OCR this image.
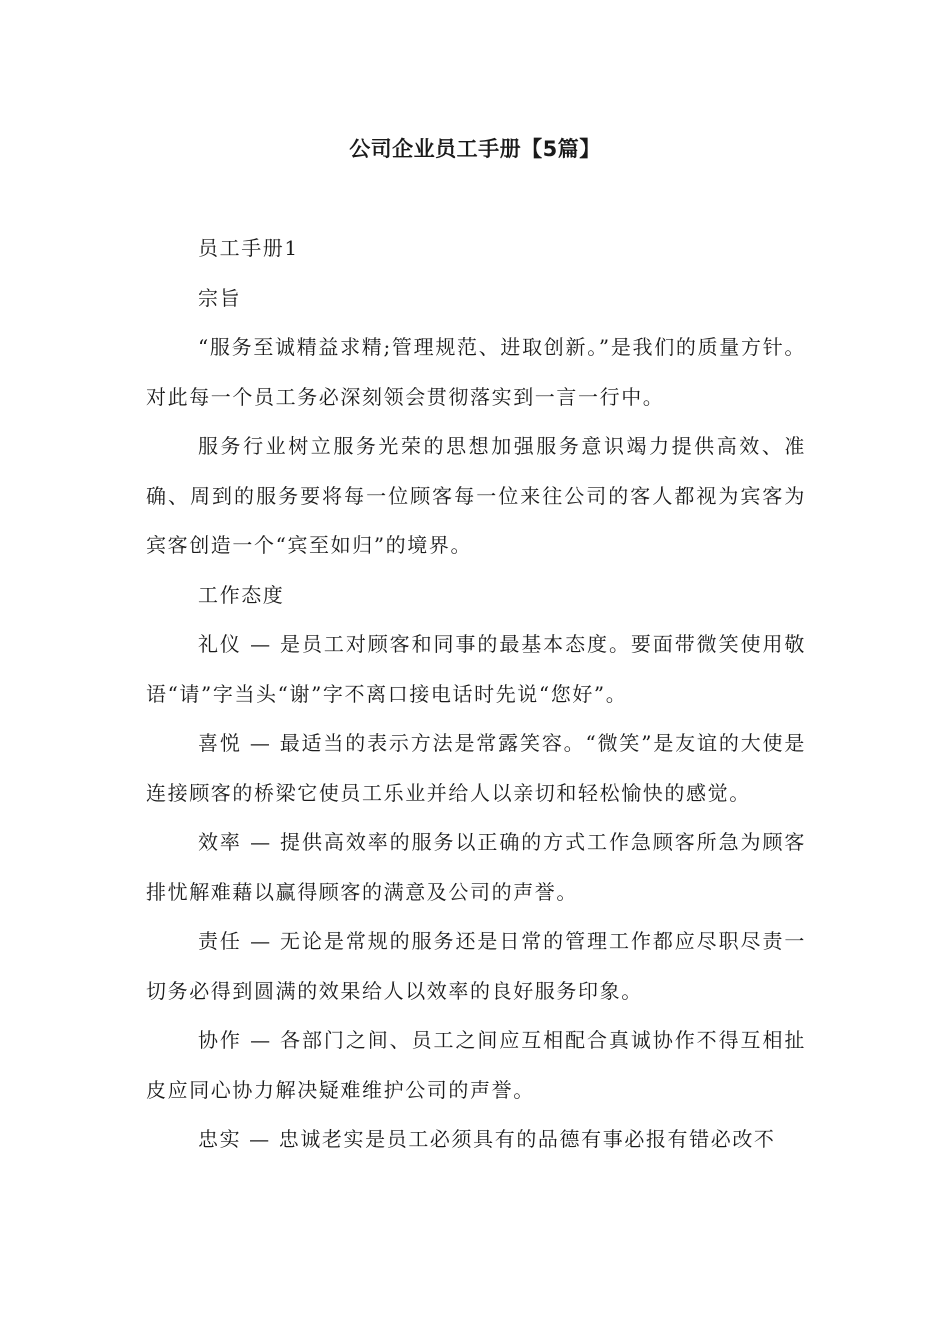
公司企业员工手册【5篇】

员工手册1

宗旨

“服务至诚精益求精;管理规范、进取创新。”是我们的质量方针。对此每一个员工务必深刻领会贯彻落实到一言一行中。

服务行业树立服务光荣的思想加强服务意识竭力提供高效、准确、周到的服务要将每一位顾客每一位来往公司的客人都视为宾客为宾客创造一个“宾至如归”的境界。

工作态度

礼仪 — 是员工对顾客和同事的最基本态度。要面带微笑使用敬语“请”字当头“谢”字不离口接电话时先说“您好”。

喜悦 — 最适当的表示方法是常露笑容。“微笑”是友谊的大使是连接顾客的桥梁它使员工乐业并给人以亲切和轻松愉快的感觉。

效率 — 提供高效率的服务以正确的方式工作急顾客所急为顾客排忧解难藉以赢得顾客的满意及公司的声誉。

责任 — 无论是常规的服务还是日常的管理工作都应尽职尽责一切务必得到圆满的效果给人以效率的良好服务印象。

协作 — 各部门之间、员工之间应互相配合真诚协作不得互相扯皮应同心协力解决疑难维护公司的声誉。

忠实 — 忠诚老实是员工必须具有的品德有事必报有错必改不
